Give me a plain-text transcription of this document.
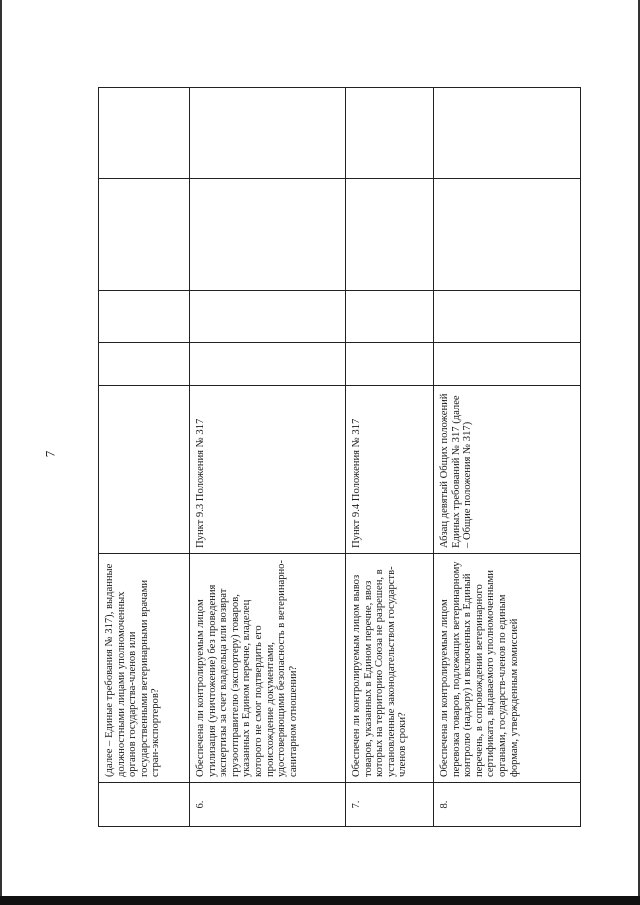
7
	(далее – Единые требования № 317), выданные должностными лицами уполномоченных органов государства-членов или государственными ветеринарными врачами стран-экспортеров?					
6.	Обеспечена ли контролируемым лицом утилизация (уничтожение) без проведения экспертизы за счет владельца или возврат грузоотправителю (экспортеру) товаров, указанных в Едином перечне, владелец которого не смог подтвердить его происхождение документами, удостоверяющими безопасность в ветеринарно-санитарном отношении?	Пункт 9.3 Положения № 317				
7.	Обеспечен ли контролируемым лицом вывоз товаров, указанных в Едином перечне, ввоз которых на территорию Союза не разрешен, в установленные законодательством государств-членов сроки?	Пункт 9.4 Положения № 317				
8.	Обеспечена ли контролируемым лицом перевозка товаров, подлежащих ветеринарному контролю (надзору) и включенных в Единый перечень, в сопровождении ветеринарного сертификата, выдаваемого уполномоченными органами, государств-членов по единым формам, утвержденным комиссией	Абзац девятый Общих положений Единых требований № 317 (далее – Общие положения № 317)				
